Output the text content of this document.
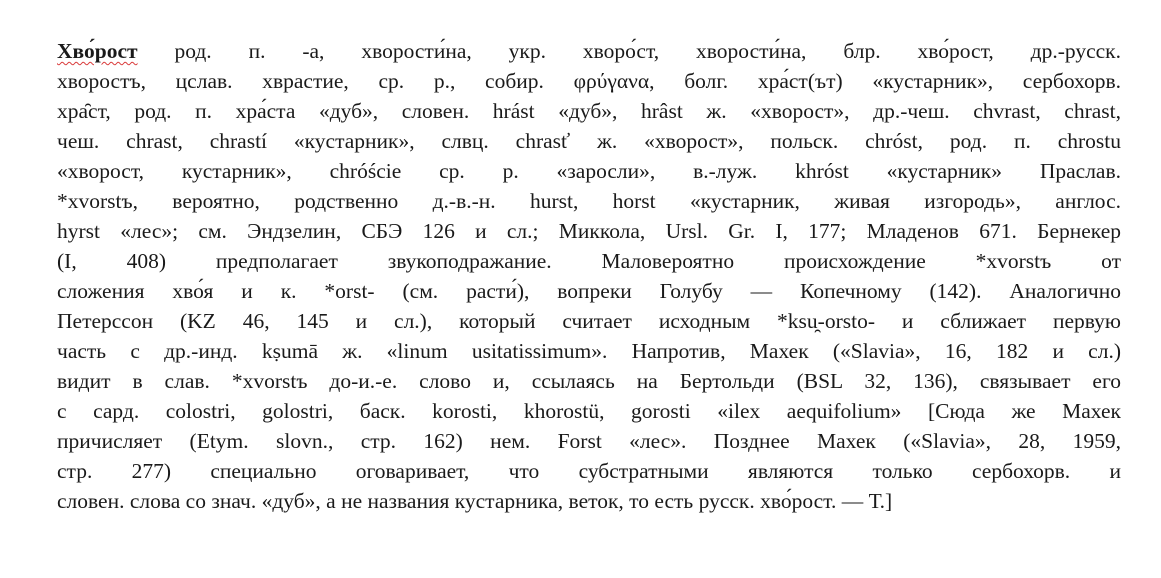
Хво́рост род. п. -а, хворости́на, укр. хворо́ст, хворости́на, блр. хво́рост, др.-русск.
хворостъ, цслав. хврастие, ср. р., собир. φρύγανα, болг. хра́ст(ът) «кустарник», сербохорв.
хра̑ст, род. п. хра́ста «дуб», словен. hrást «дуб», hrâst ж. «хворост», др.-чеш. chvrast, chrast,
чеш. chrast, chrastí «кустарник», слвц. chrasť ж. «хворост», польск. chróst, род. п. chrostu
«хворост, кустарник», chróście ср. р. «заросли», в.-луж. khróst «кустарник» Праслав.
*xvorstъ, вероятно, родственно д.-в.-н. hurst, horst «кустарник, живая изгородь», англос.
hyrst «лес»; см. Эндзелин, СБЭ 126 и сл.; Миккола, Ursl. Gr. I, 177; Младенов 671. Бернекер
(I, 408) предполагает звукоподражание. Маловероятно происхождение *xvorstъ от
сложения хво́я и к. *orst- (см. расти́), вопреки Голубу — Копечному (142). Аналогично
Петерссон (KZ 46, 145 и сл.), который считает исходным *ksu̯-orsto- и сближает первую
часть с др.-инд. kṣumā ж. «linum usitatissimum». Напротив, Махек («Slavia», 16, 182 и сл.)
видит в слав. *xvorstъ до-и.-е. слово и, ссылаясь на Бертольди (BSL 32, 136), связывает его
с сард. colostri, golostri, баск. korosti, khorostü, gorosti «ilex aequifolium» [Сюда же Махек
причисляет (Etym. slovn., стр. 162) нем. Forst «лес». Позднее Махек («Slavia», 28, 1959,
стр. 277) специально оговаривает, что субстратными являются только сербохорв. и
словен. слова со знач. «дуб», а не названия кустарника, веток, то есть русск. хво́рост. — Т.]
